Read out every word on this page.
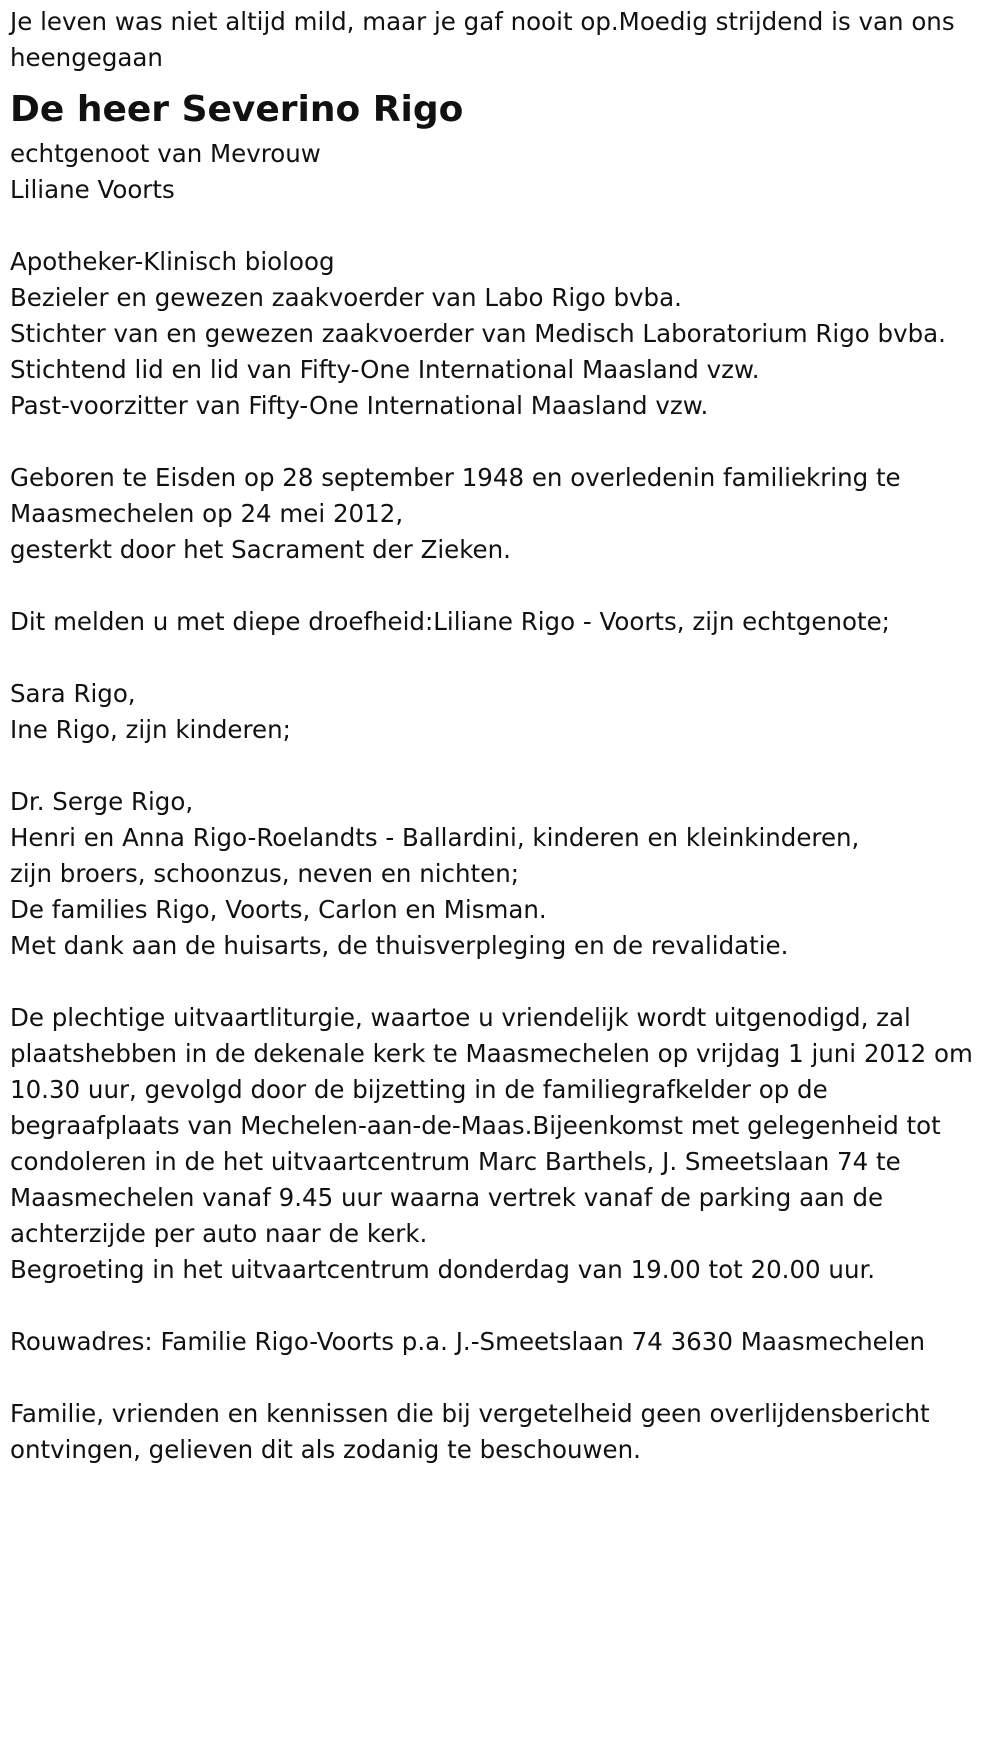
Je leven was niet altijd mild, maar je gaf nooit op.Moedig strijdend is van ons heengegaan

De heer Severino Rigo

echtgenoot van Mevrouw
Liliane Voorts

Apotheker-Klinisch bioloog
Bezieler en gewezen zaakvoerder van Labo Rigo bvba.
Stichter van en gewezen zaakvoerder van Medisch Laboratorium Rigo bvba.
Stichtend lid en lid van Fifty-One International Maasland vzw.
Past-voorzitter van Fifty-One International Maasland vzw.

Geboren te Eisden op 28 september 1948 en overledenin familiekring te Maasmechelen op 24 mei 2012,
gesterkt door het Sacrament der Zieken.

Dit melden u met diepe droefheid:Liliane Rigo - Voorts, zijn echtgenote;

Sara Rigo,
Ine Rigo, zijn kinderen;

Dr. Serge Rigo,
Henri en Anna Rigo-Roelandts - Ballardini, kinderen en kleinkinderen,
zijn broers, schoonzus, neven en nichten;
De families Rigo, Voorts, Carlon en Misman.
Met dank aan de huisarts, de thuisverpleging en de revalidatie.

De plechtige uitvaartliturgie, waartoe u vriendelijk wordt uitgenodigd, zal plaatshebben in de dekenale kerk te Maasmechelen op vrijdag 1 juni 2012 om 10.30 uur, gevolgd door de bijzetting in de familiegrafkelder op de begraafplaats van Mechelen-aan-de-Maas.Bijeenkomst met gelegenheid tot condoleren in de het uitvaartcentrum Marc Barthels, J. Smeetslaan 74 te Maasmechelen vanaf 9.45 uur waarna vertrek vanaf de parking aan de achterzijde per auto naar de kerk.
Begroeting in het uitvaartcentrum donderdag van 19.00 tot 20.00 uur.

Rouwadres: Familie Rigo-Voorts p.a. J.-Smeetslaan 74 3630 Maasmechelen

Familie, vrienden en kennissen die bij vergetelheid geen overlijdensbericht ontvingen, gelieven dit als zodanig te beschouwen.
